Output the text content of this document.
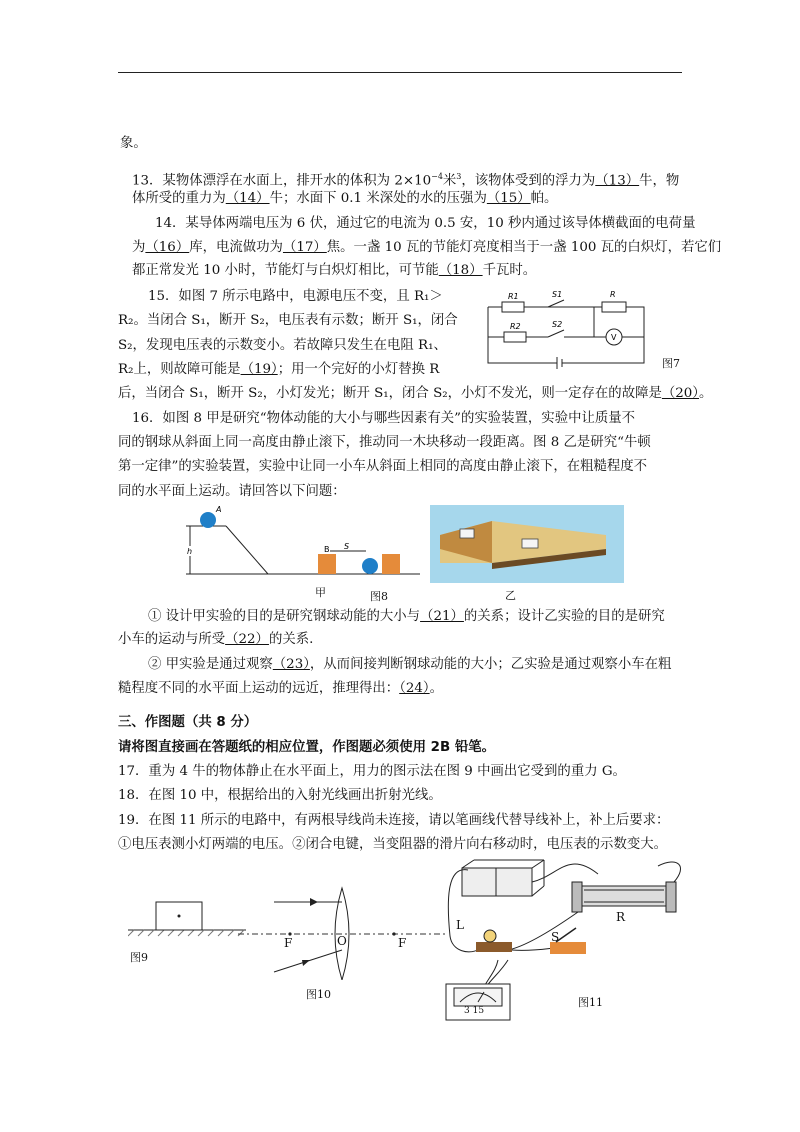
象。
13．某物体漂浮在水面上，排开水的体积为 $2\times 10^{-4}$米$^3$，该物体受到的浮力为（13）牛，物
体所受的重力为（14）牛；水面下 0.1 米深处的水的压强为（15）帕。
14．某导体两端电压为 6 伏，通过它的电流为 0.5 安，10 秒内通过该导体横截面的电荷量
为（16）库，电流做功为（17）焦。一盏 10 瓦的节能灯亮度相当于一盏 100 瓦的白炽灯，若它们
都正常发光 10 小时，节能灯与白炽灯相比，可节能（18）千瓦时。
15．如图 7 所示电路中，电源电压不变，且 R₁＞
R₂。当闭合 S₁，断开 S₂，电压表有示数；断开 S₁，闭合
S₂，发现电压表的示数变小。若故障只发生在电阻 R₁、
R₂上，则故障可能是（19）；用一个完好的小灯替换 R
后，当闭合 S₁，断开 S₂，小灯发光；断开 S₁，闭合 S₂，小灯不发光，则一定存在的故障是（20）。
16．如图 8 甲是研究“物体动能的大小与哪些因素有关”的实验装置，实验中让质量不
同的钢球从斜面上同一高度由静止滚下，推动同一木块移动一段距离。图 8 乙是研究“牛顿
第一定律”的实验装置，实验中让同一小车从斜面上相同的高度由静止滚下，在粗糙程度不
同的水平面上运动。请回答以下问题：
① 设计甲实验的目的是研究钢球动能的大小与（21）的关系；设计乙实验的目的是研究
小车的运动与所受（22）的关系.
② 甲实验是通过观察（23），从而间接判断钢球动能的大小；乙实验是通过观察小车在粗
糙程度不同的水平面上运动的远近，推理得出：（24）。
三、作图题（共 8 分）
请将图直接画在答题纸的相应位置，作图题必须使用 2B 铅笔。
17．重为 4 牛的物体静止在水平面上，用力的图示法在图 9 中画出它受到的重力 G。
18．在图 10 中，根据给出的入射光线画出折射光线。
19．在图 11 所示的电路中，有两根导线尚未连接，请以笔画线代替导线补上，补上后要求：
①电压表测小灯两端的电压。②闭合电键，当变阻器的滑片向右移动时，电压表的示数变大。
R1	S1	R
R2	S2
V
图7
A
h	B S
甲	图8	乙
图9
F	O	F
图10
L
S
R
3 15
图11
